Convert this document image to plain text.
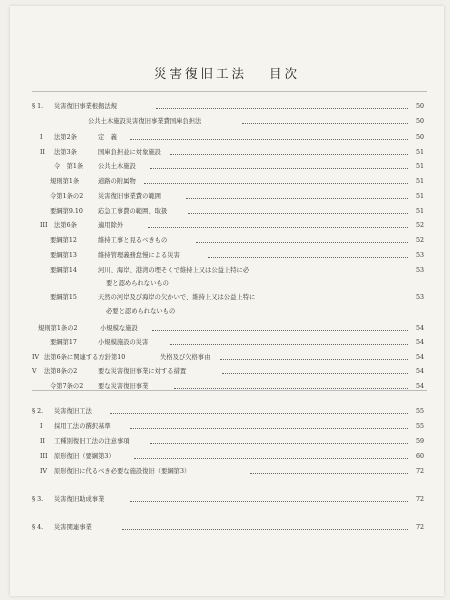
災害復旧工法 目次
§ 1. 災害復旧事業根拠法規	50
公共土木施設災害復旧事業費国庫負担法	50
I 法第2条	定　義	50
II 法第3条	国庫負担並に対象施設	51
令　第1条 公共土木施設	51
規則第1条	道路の附属物	51
令第1条の2 災害復旧事業費の範囲	51
要綱第9.10 応急工事費の範囲、取扱	51
III 法第6条	適用除外	52
要綱第12	維持工事と見るべきもの	52
要綱第13	維持管理義務怠慢による災害	53
要綱第14	河川、海岸、港湾の埋そくで維持上又は公益上特に必	53
要と認められないもの
要綱第15	天然の河岸及び海岸の欠かいで、維持上又は公益上特に	53
必要と認められないもの
規則第1条の2	小規模な施設	54
要綱第17	小規模施設の災害	54
IV 法第6条に関連する方針第10	失格及び欠格事由	54
V 法第8条の2	要な災害復旧事業に対する措置	54
令第7条の2 要な災害復旧事業	54
§ 2. 災害復旧工法	55
I 採用工法の撰択基準	55
II 工種別復旧工法の注意事項	59
III 原形復旧（要綱第3）	60
IV 原形復旧に代るべき必要な施設復旧（要綱第3）	72
§ 3. 災害復旧助成事業	72
§ 4. 災害関連事業	72
